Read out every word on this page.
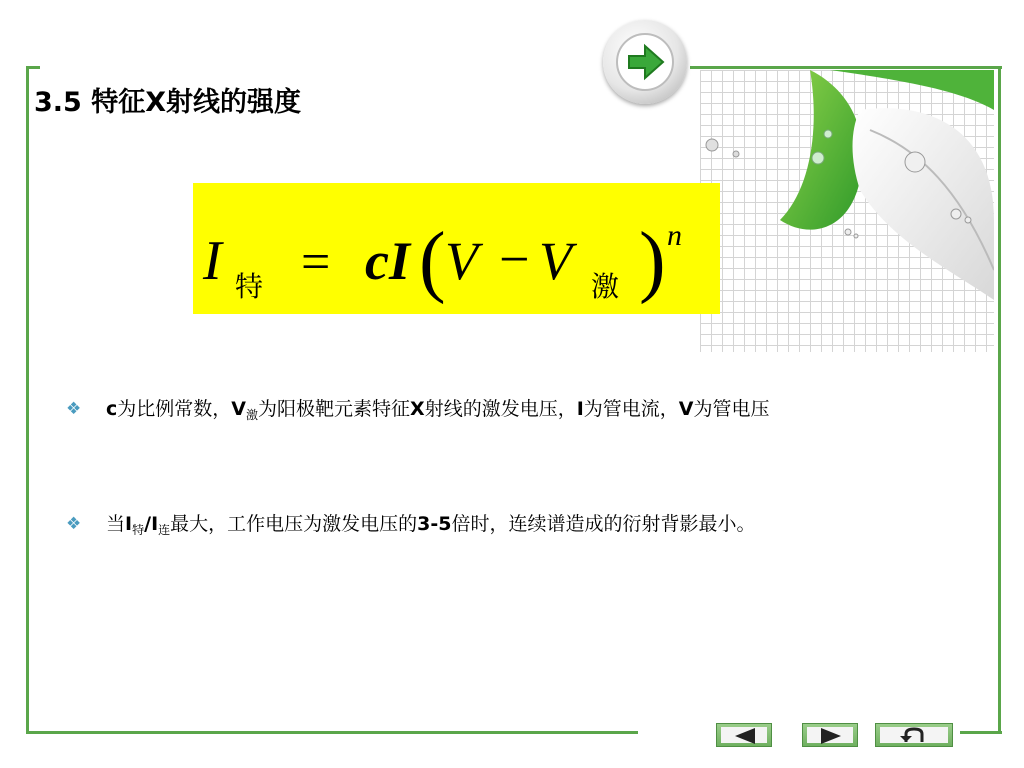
3.5 特征X射线的强度
I 特 = cI ( V − V 激 ) n
❖ c为比例常数，$V_激$为阳极靶元素特征X射线的激发电压，I为管电流，V为管电压
❖ 当$I_特/I_连$最大，工作电压为激发电压的3-5倍时，连续谱造成的衍射背影最小。
